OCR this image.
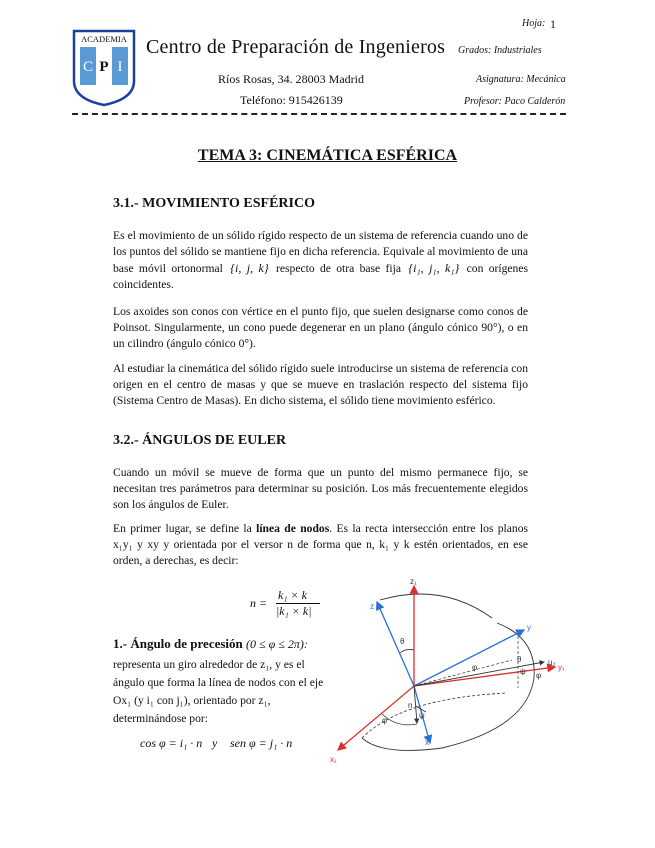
Hoja: 1
ACADEMIA
C P I
Centro de Preparación de Ingenieros
Ríos Rosas, 34. 28003 Madrid
Teléfono: 915426139
Grados: Industriales
Asignatura: Mecánica
Profesor: Paco Calderón
TEMA 3: CINEMÁTICA ESFÉRICA
3.1.- MOVIMIENTO ESFÉRICO
Es el movimiento de un sólido rígido respecto de un sistema de referencia cuando uno de los puntos del sólido se mantiene fijo en dicha referencia. Equivale al movimiento de una base móvil ortonormal {i, j, k} respecto de otra base fija {i₁, j₁, k₁} con orígenes coincidentes.
Los axoides son conos con vértice en el punto fijo, que suelen designarse como conos de Poinsot. Singularmente, un cono puede degenerar en un plano (ángulo cónico 90°), o en un cilindro (ángulo cónico 0°).
Al estudiar la cinemática del sólido rígido suele introducirse un sistema de referencia con origen en el centro de masas y que se mueve en traslación respecto del sistema fijo (Sistema Centro de Masas). En dicho sistema, el sólido tiene movimiento esférico.
3.2.- ÁNGULOS DE EULER
Cuando un móvil se mueve de forma que un punto del mismo permanece fijo, se necesitan tres parámetros para determinar su posición. Los más frecuentemente elegidos son los ángulos de Euler.
En primer lugar, se define la línea de nodos. Es la recta intersección entre los planos x₁y₁ y xy y orientada por el versor n de forma que n, k₁ y k estén orientados, en ese orden, a derechas, es decir:
n =
k₁ × k
|k₁ × k|
1.- Ángulo de precesión (0 ≤ φ ≤ 2π):
representa un giro alrededor de z₁, y es el ángulo que forma la línea de nodos con el eje Ox₁ (y i₁ con j₁), orientado por z₁, determinándose por:
cos φ = i₁ · n y sen φ = j₁ · n
z₁
z
y
y₁
x₁
x
u₃
n
θ
ψ
φ
φ	ψ
θ
φ
